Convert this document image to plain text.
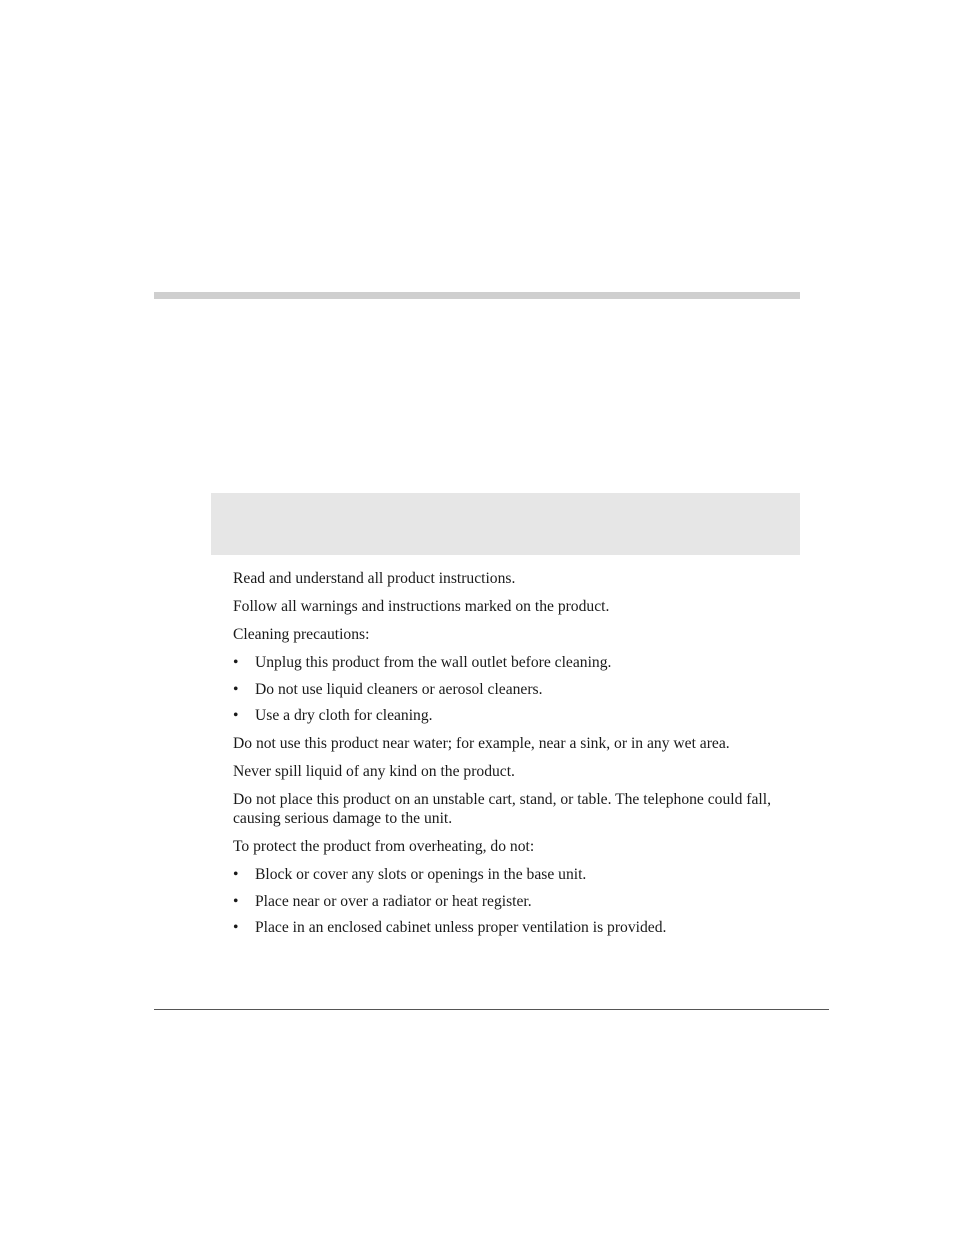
Read and understand all product instructions.

Follow all warnings and instructions marked on the product.

Cleaning precautions:

• Unplug this product from the wall outlet before cleaning.
• Do not use liquid cleaners or aerosol cleaners.
• Use a dry cloth for cleaning.

Do not use this product near water; for example, near a sink, or in any wet area.

Never spill liquid of any kind on the product.

Do not place this product on an unstable cart, stand, or table. The telephone could fall, causing serious damage to the unit.

To protect the product from overheating, do not:

• Block or cover any slots or openings in the base unit.
• Place near or over a radiator or heat register.
• Place in an enclosed cabinet unless proper ventilation is provided.
